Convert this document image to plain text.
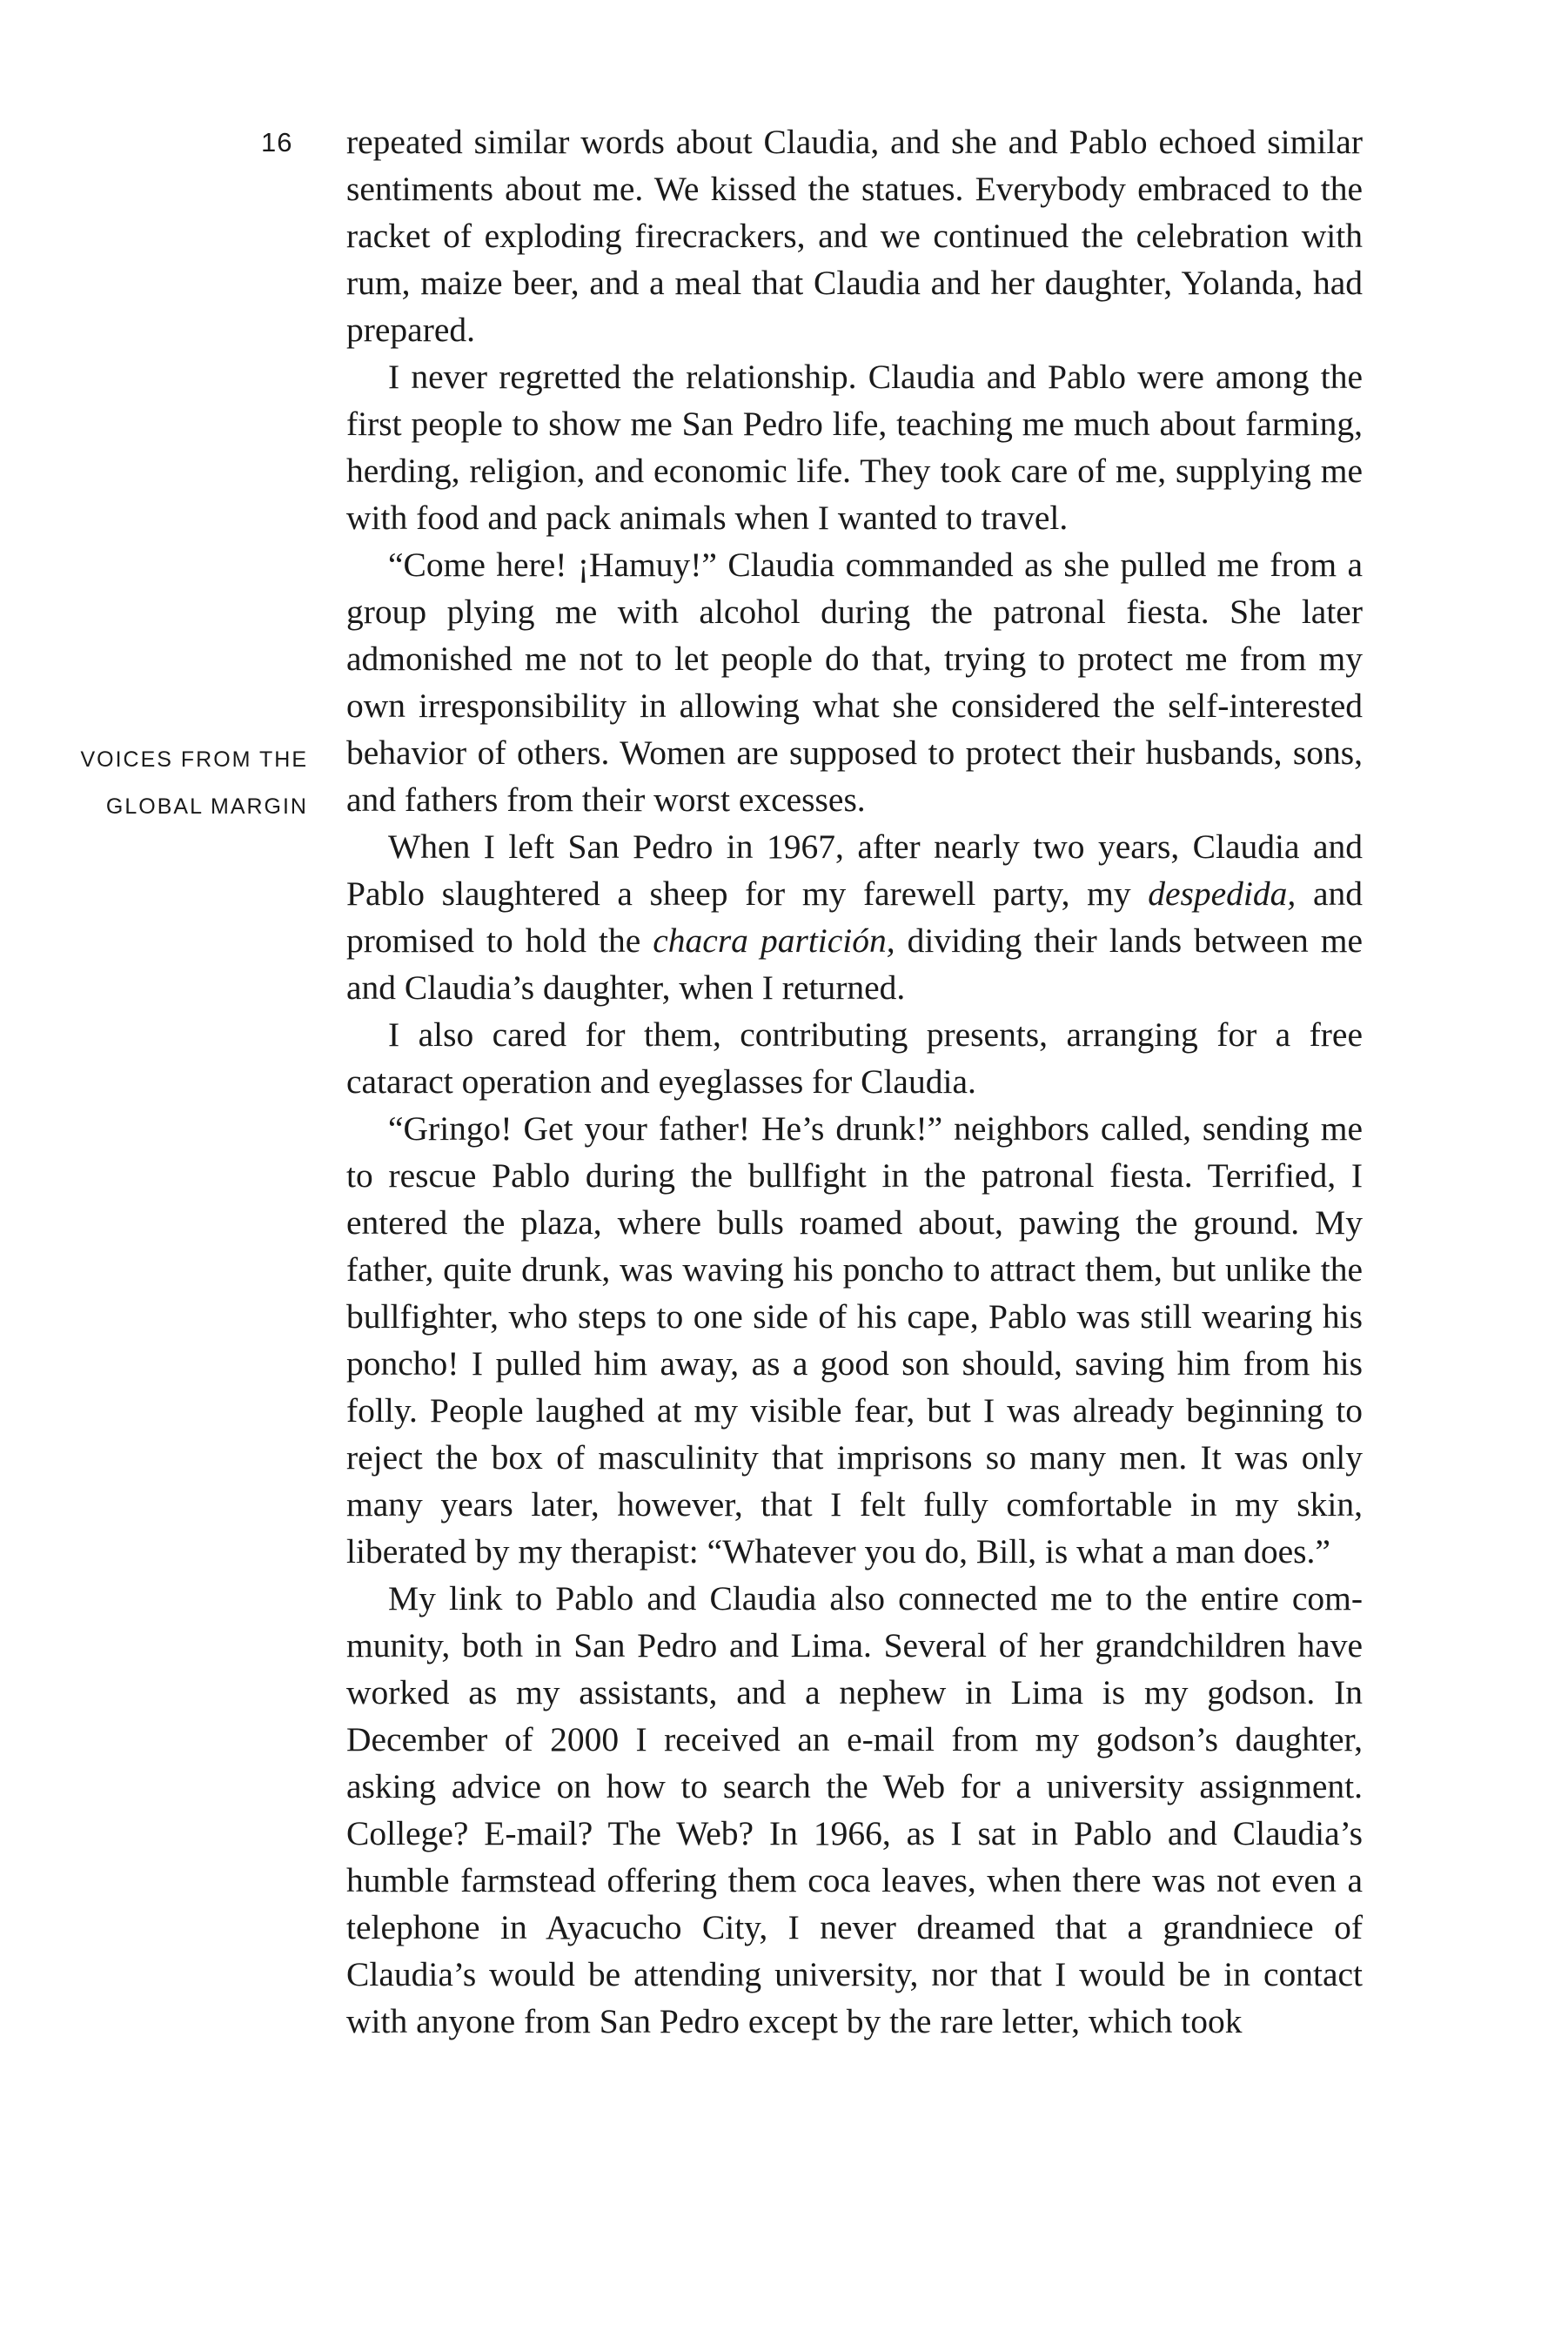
16
VOICES FROM THE
GLOBAL MARGIN

repeated similar words about Claudia, and she and Pablo echoed similar sentiments about me. We kissed the statues. Everybody embraced to the racket of exploding firecrackers, and we continued the celebration with rum, maize beer, and a meal that Claudia and her daughter, Yolanda, had prepared.

I never regretted the relationship. Claudia and Pablo were among the first people to show me San Pedro life, teaching me much about farming, herding, religion, and economic life. They took care of me, supplying me with food and pack animals when I wanted to travel.

“Come here! ¡Hamuy!” Claudia commanded as she pulled me from a group plying me with alcohol during the patronal fiesta. She later admonished me not to let people do that, trying to protect me from my own irresponsibility in allowing what she considered the self-interested behavior of others. Women are supposed to protect their husbands, sons, and fathers from their worst excesses.

When I left San Pedro in 1967, after nearly two years, Claudia and Pablo slaughtered a sheep for my farewell party, my despedida, and promised to hold the chacra partición, dividing their lands between me and Claudia’s daughter, when I returned.

I also cared for them, contributing presents, arranging for a free cataract operation and eyeglasses for Claudia.

“Gringo! Get your father! He’s drunk!” neighbors called, sending me to rescue Pablo during the bullfight in the patronal fiesta. Terrified, I entered the plaza, where bulls roamed about, pawing the ground. My father, quite drunk, was waving his poncho to attract them, but unlike the bullfighter, who steps to one side of his cape, Pablo was still wearing his poncho! I pulled him away, as a good son should, saving him from his folly. People laughed at my visible fear, but I was already beginning to reject the box of masculinity that imprisons so many men. It was only many years later, however, that I felt fully comfortable in my skin, liberated by my therapist: “Whatever you do, Bill, is what a man does.”

My link to Pablo and Claudia also connected me to the entire community, both in San Pedro and Lima. Several of her grandchildren have worked as my assistants, and a nephew in Lima is my godson. In December of 2000 I received an e-mail from my godson’s daughter, asking advice on how to search the Web for a university assignment. College? E-mail? The Web? In 1966, as I sat in Pablo and Claudia’s humble farmstead offering them coca leaves, when there was not even a telephone in Ayacucho City, I never dreamed that a grandniece of Claudia’s would be attending university, nor that I would be in contact with anyone from San Pedro except by the rare letter, which took
